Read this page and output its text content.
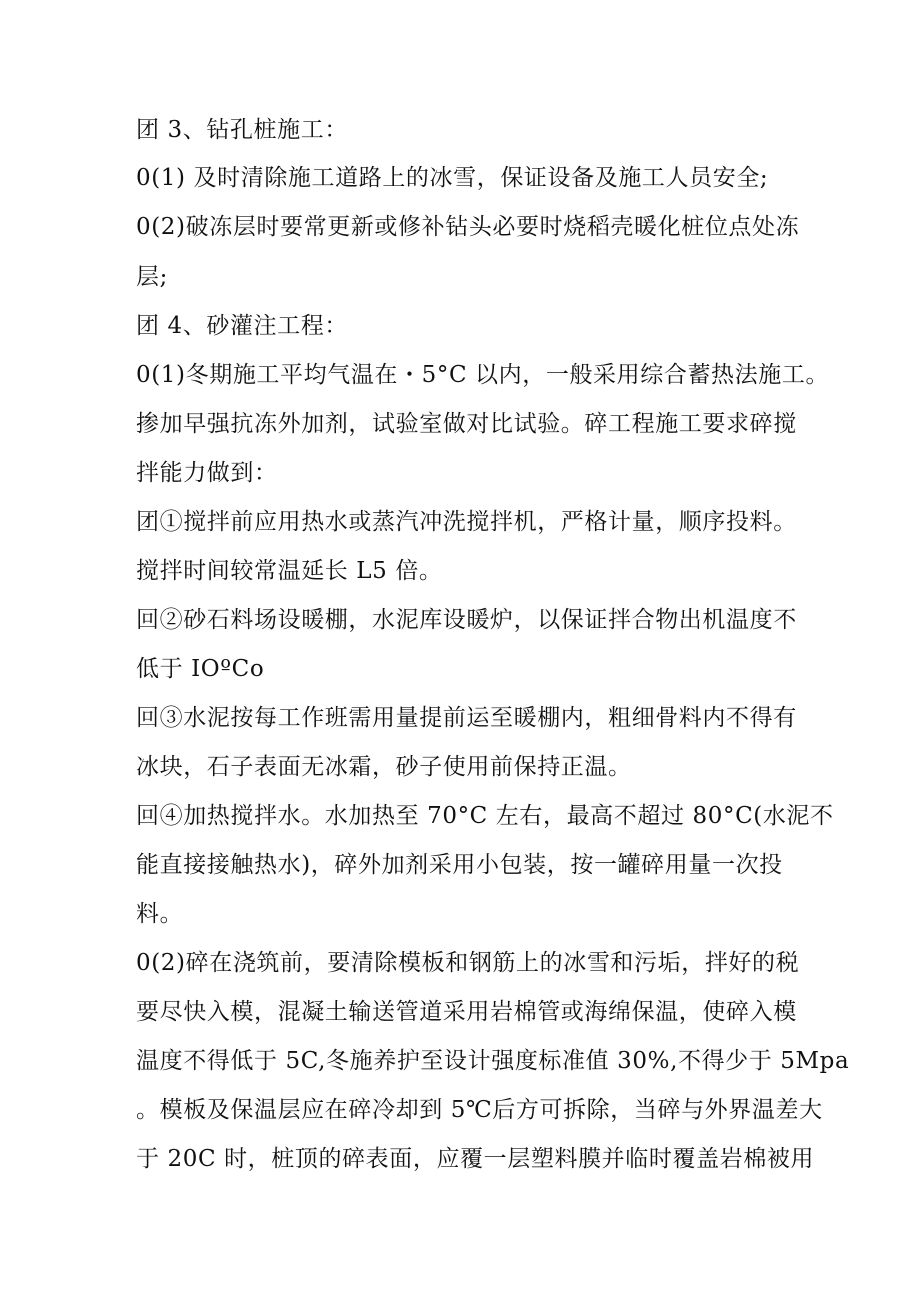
团 3、钻孔桩施工：
0(1) 及时清除施工道路上的冰雪，保证设备及施工人员安全;
0(2)破冻层时要常更新或修补钻头必要时烧稻壳暖化桩位点处冻
层;
团 4、砂灌注工程：
0(1)冬期施工平均气温在・5°C 以内，一般采用综合蓄热法施工。
掺加早强抗冻外加剂，试验室做对比试验。碎工程施工要求碎搅
拌能力做到：
团①搅拌前应用热水或蒸汽冲洗搅拌机，严格计量，顺序投料。
搅拌时间较常温延长 L5 倍。
回②砂石料场设暖棚，水泥库设暖炉，以保证拌合物出机温度不
低于 IOºCo
回③水泥按每工作班需用量提前运至暖棚内，粗细骨料内不得有
冰块，石子表面无冰霜，砂子使用前保持正温。
回④加热搅拌水。水加热至 70°C 左右，最高不超过 80°C(水泥不
能直接接触热水)，碎外加剂采用小包装，按一罐碎用量一次投
料。
0(2)碎在浇筑前，要清除模板和钢筋上的冰雪和污垢，拌好的税
要尽快入模，混凝土输送管道采用岩棉管或海绵保温，使碎入模
温度不得低于 5C,冬施养护至设计强度标准值 30%,不得少于 5Mpa
。模板及保温层应在碎冷却到 5℃后方可拆除，当碎与外界温差大
于 20C 时，桩顶的碎表面，应覆一层塑料膜并临时覆盖岩棉被用
